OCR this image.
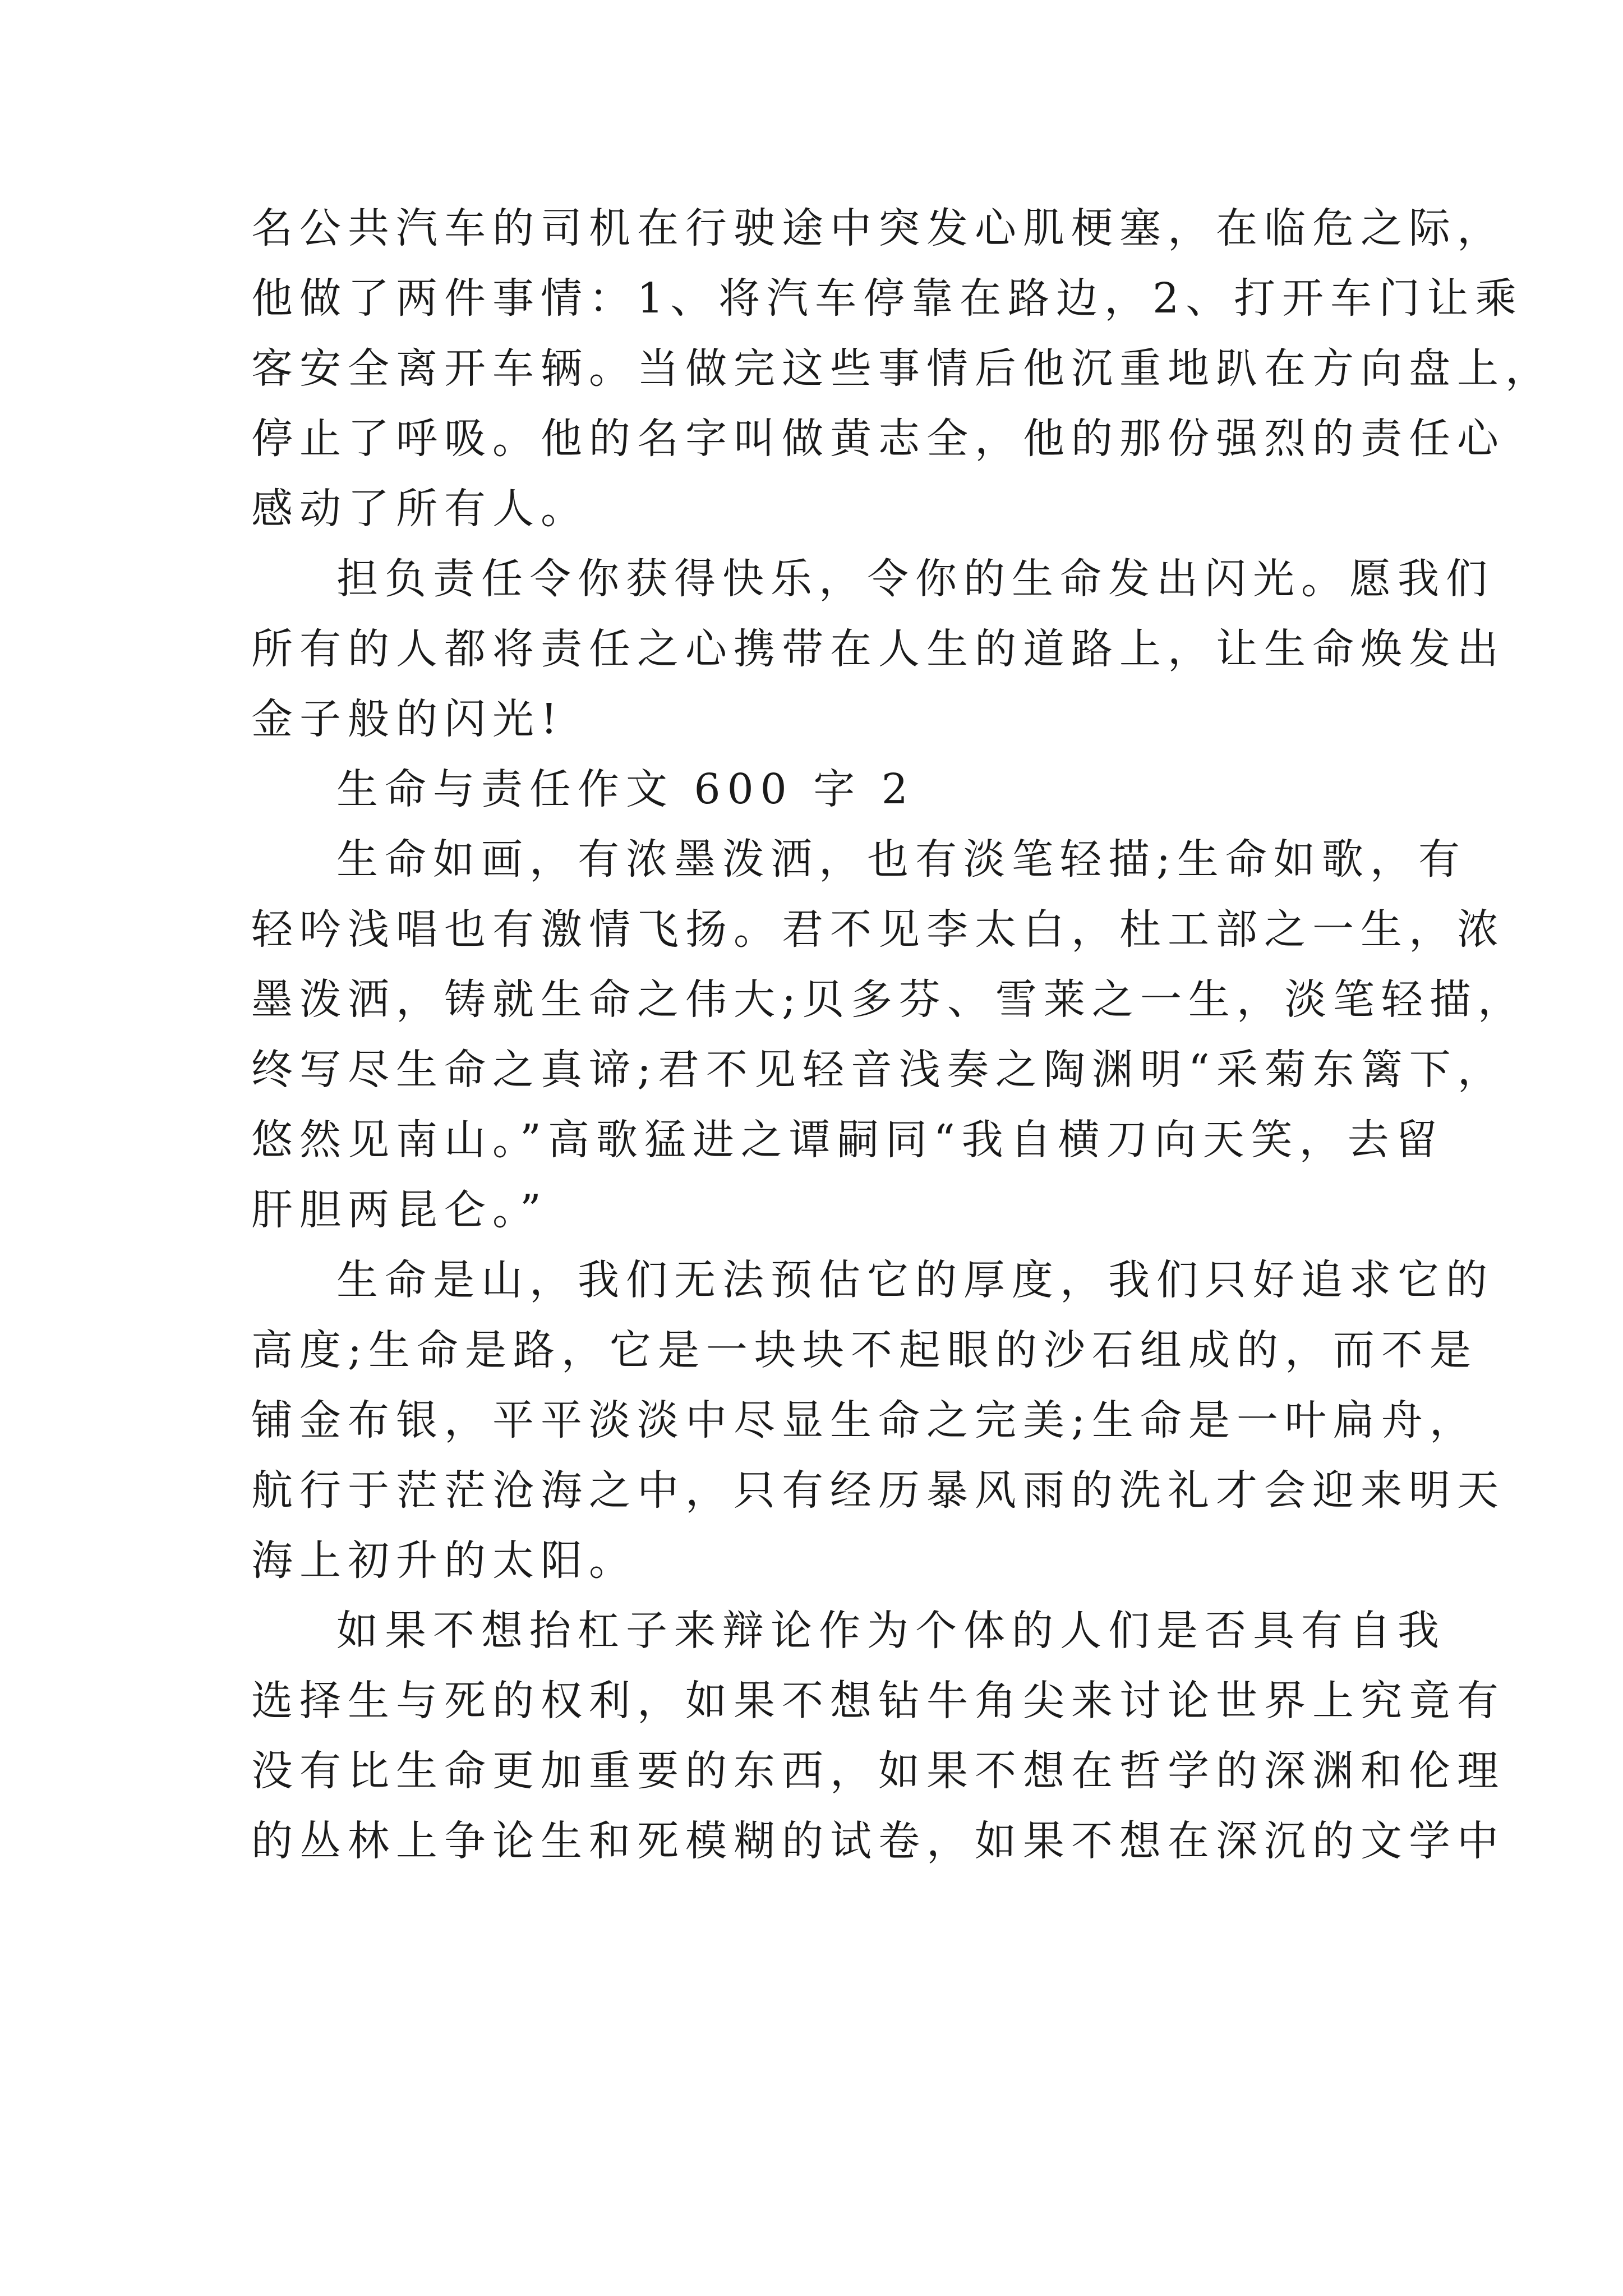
名公共汽车的司机在行驶途中突发心肌梗塞，在临危之际，
他做了两件事情：1、将汽车停靠在路边，2、打开车门让乘
客安全离开车辆。当做完这些事情后他沉重地趴在方向盘上，
停止了呼吸。他的名字叫做黄志全，他的那份强烈的责任心
感动了所有人。
担负责任令你获得快乐，令你的生命发出闪光。愿我们
所有的人都将责任之心携带在人生的道路上，让生命焕发出
金子般的闪光!
生命与责任作文 600 字 2
生命如画，有浓墨泼洒，也有淡笔轻描;生命如歌，有
轻吟浅唱也有激情飞扬。君不见李太白，杜工部之一生，浓
墨泼洒，铸就生命之伟大;贝多芬、雪莱之一生，淡笔轻描，
终写尽生命之真谛;君不见轻音浅奏之陶渊明“采菊东篱下，
悠然见南山。”高歌猛进之谭嗣同“我自横刀向天笑，去留
肝胆两昆仑。”
生命是山，我们无法预估它的厚度，我们只好追求它的
高度;生命是路，它是一块块不起眼的沙石组成的，而不是
铺金布银，平平淡淡中尽显生命之完美;生命是一叶扁舟，
航行于茫茫沧海之中，只有经历暴风雨的洗礼才会迎来明天
海上初升的太阳。
如果不想抬杠子来辩论作为个体的人们是否具有自我
选择生与死的权利，如果不想钻牛角尖来讨论世界上究竟有
没有比生命更加重要的东西，如果不想在哲学的深渊和伦理
的丛林上争论生和死模糊的试卷，如果不想在深沉的文学中
